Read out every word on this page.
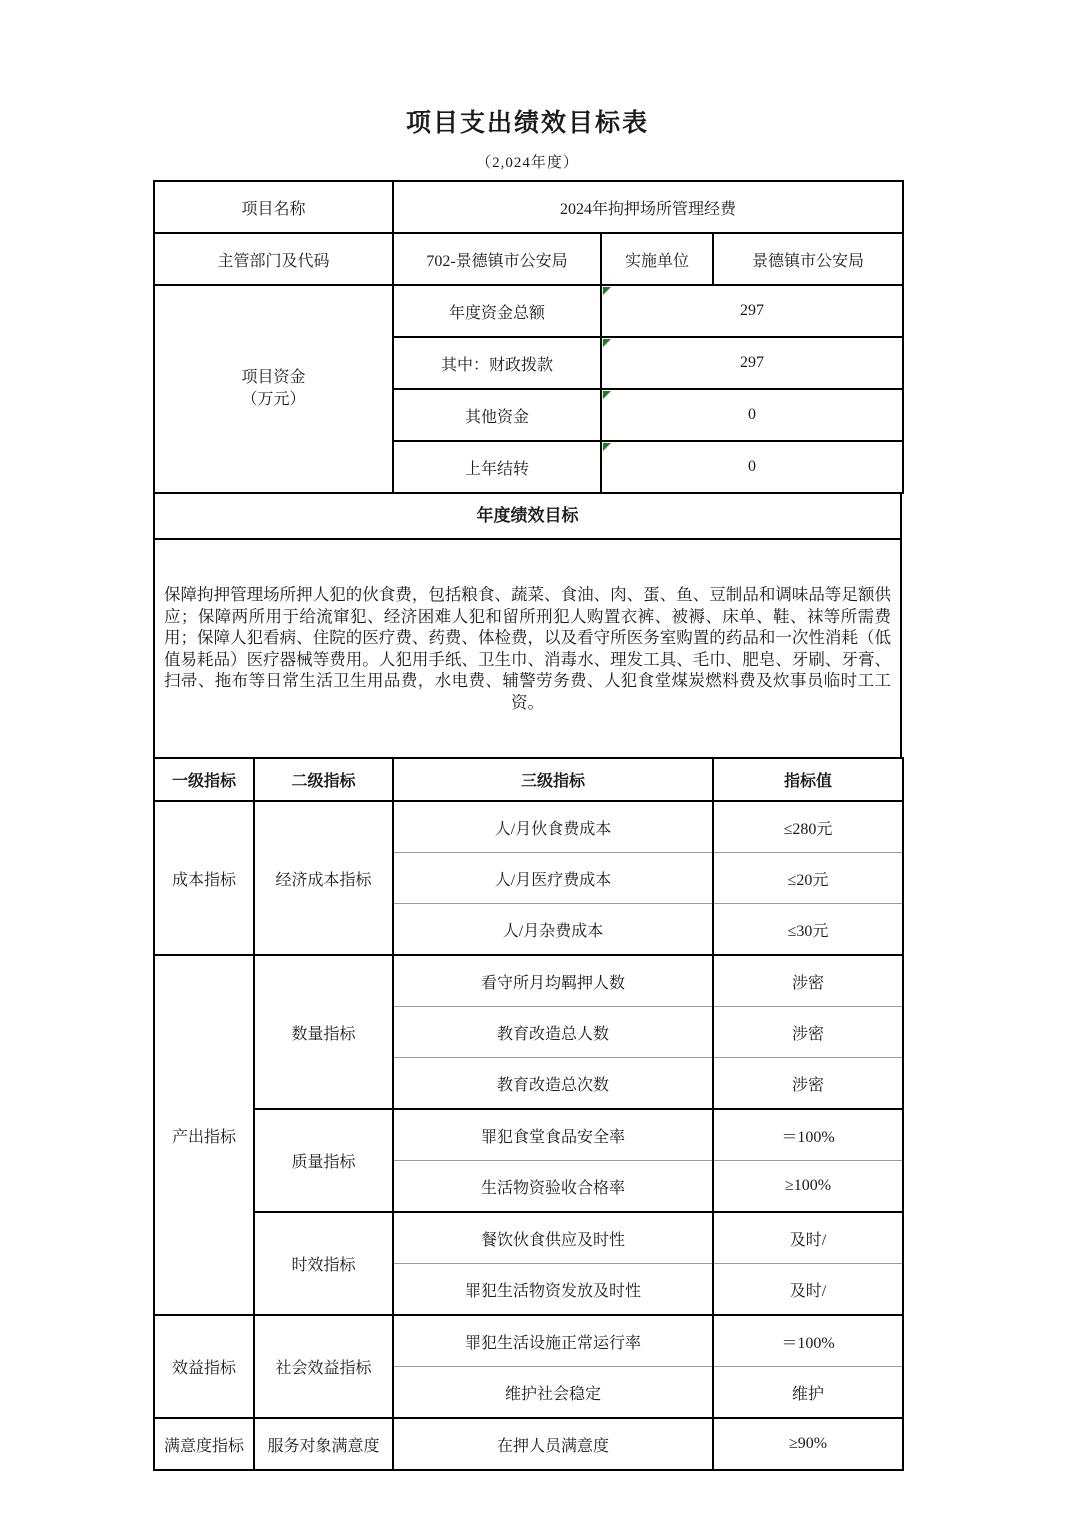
项目支出绩效目标表
（2,024年度）
项目名称	2024年拘押场所管理经费		
主管部门及代码	702-景德镇市公安局	实施单位	景德镇市公安局

项目资金
（万元）	年度资金总额	297	
	其中：财政拨款	297	
	其他资金	0	
	上年结转	0	
年度绩效目标

保障拘押管理场所押人犯的伙食费，包括粮食、蔬菜、食油、肉、蛋、鱼、豆制品和调味品等足额供应；保障两所用于给流窜犯、经济困难人犯和留所刑犯人购置衣裤、被褥、床单、鞋、袜等所需费用；保障人犯看病、住院的医疗费、药费、体检费，以及看守所医务室购置的药品和一次性消耗（低值易耗品）医疗器械等费用。人犯用手纸、卫生巾、消毒水、理发工具、毛巾、肥皂、牙刷、牙膏、扫帚、拖布等日常生活卫生用品费，水电费、辅警劳务费、人犯食堂煤炭燃料费及炊事员临时工工资。

一级指标	二级指标	三级指标	指标值
成本指标	经济成本指标	人/月伙食费成本	≤280元
		人/月医疗费成本	≤20元
		人/月杂费成本	≤30元
产出指标	数量指标	看守所月均羁押人数	涉密
		教育改造总人数	涉密
		教育改造总次数	涉密
	质量指标	罪犯食堂食品安全率	＝100%
		生活物资验收合格率	≥100%
	时效指标	餐饮伙食供应及时性	及时/
		罪犯生活物资发放及时性	及时/
效益指标	社会效益指标	罪犯生活设施正常运行率	＝100%
		维护社会稳定	维护
满意度指标	服务对象满意度	在押人员满意度	≥90%
